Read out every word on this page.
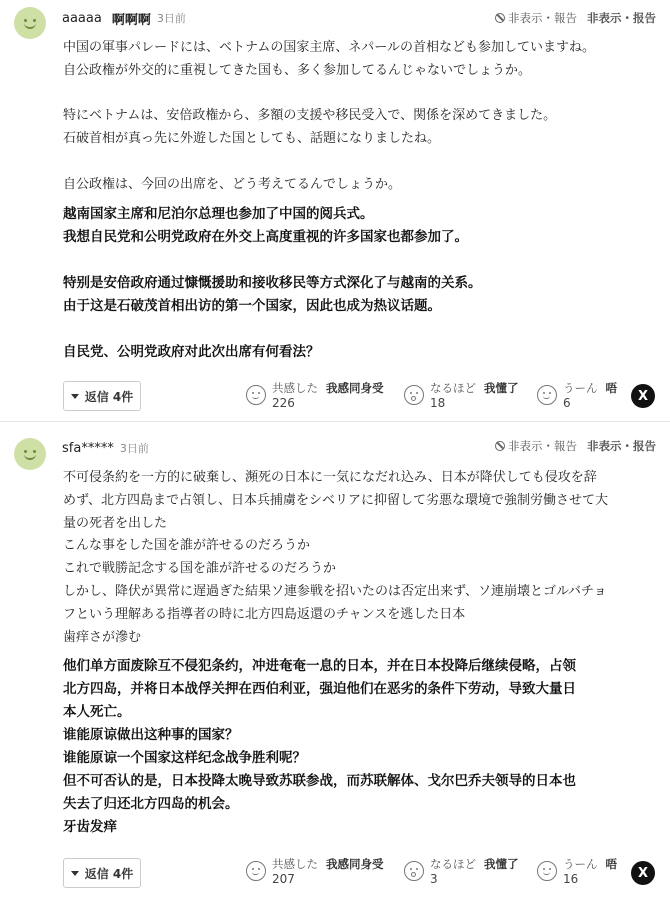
aaaaa 啊啊啊 3日前	非表示・報告 非表示・报告
中国の軍事パレードには、ベトナムの国家主席、ネパールの首相なども参加していますね。
自公政権が外交的に重視してきた国も、多く参加してるんじゃないでしょうか。
特にベトナムは、安倍政権から、多額の支援や移民受入で、関係を深めてきました。
石破首相が真っ先に外遊した国としても、話題になりましたね。
自公政権は、今回の出席を、どう考えてるんでしょうか。
越南国家主席和尼泊尔总理也参加了中国的阅兵式。
我想自民党和公明党政府在外交上高度重视的许多国家也都参加了。
特别是安倍政府通过慷慨援助和接收移民等方式深化了与越南的关系。
由于这是石破茂首相出访的第一个国家，因此也成为热议话题。
自民党、公明党政府对此次出席有何看法？
返信 4件
共感した 我感同身受
226
なるほど 我懂了
18
うーん 唔
6	X
sfa***** 3日前	非表示・報告 非表示・报告
不可侵条約を一方的に破棄し、瀕死の日本に一気になだれ込み、日本が降伏しても侵攻を辞
めず、北方四島まで占領し、日本兵捕虜をシベリアに抑留して劣悪な環境で強制労働させて大
量の死者を出した
こんな事をした国を誰が許せるのだろうか
これで戦勝記念する国を誰が許せるのだろうか
しかし、降伏が異常に遅過ぎた結果ソ連参戦を招いたのは否定出来ず、ソ連崩壊とゴルバチョ
フという理解ある指導者の時に北方四島返還のチャンスを逃した日本
歯痒さが滲む
他们单方面废除互不侵犯条约，冲进奄奄一息的日本，并在日本投降后继续侵略，占领
北方四岛，并将日本战俘关押在西伯利亚，强迫他们在恶劣的条件下劳动，导致大量日
本人死亡。
谁能原谅做出这种事的国家？
谁能原谅一个国家这样纪念战争胜利呢？
但不可否认的是，日本投降太晚导致苏联参战，而苏联解体、戈尔巴乔夫领导的日本也
失去了归还北方四岛的机会。
牙齿发痒
返信 4件
共感した 我感同身受
207
なるほど 我懂了
3
うーん 唔
16	X
